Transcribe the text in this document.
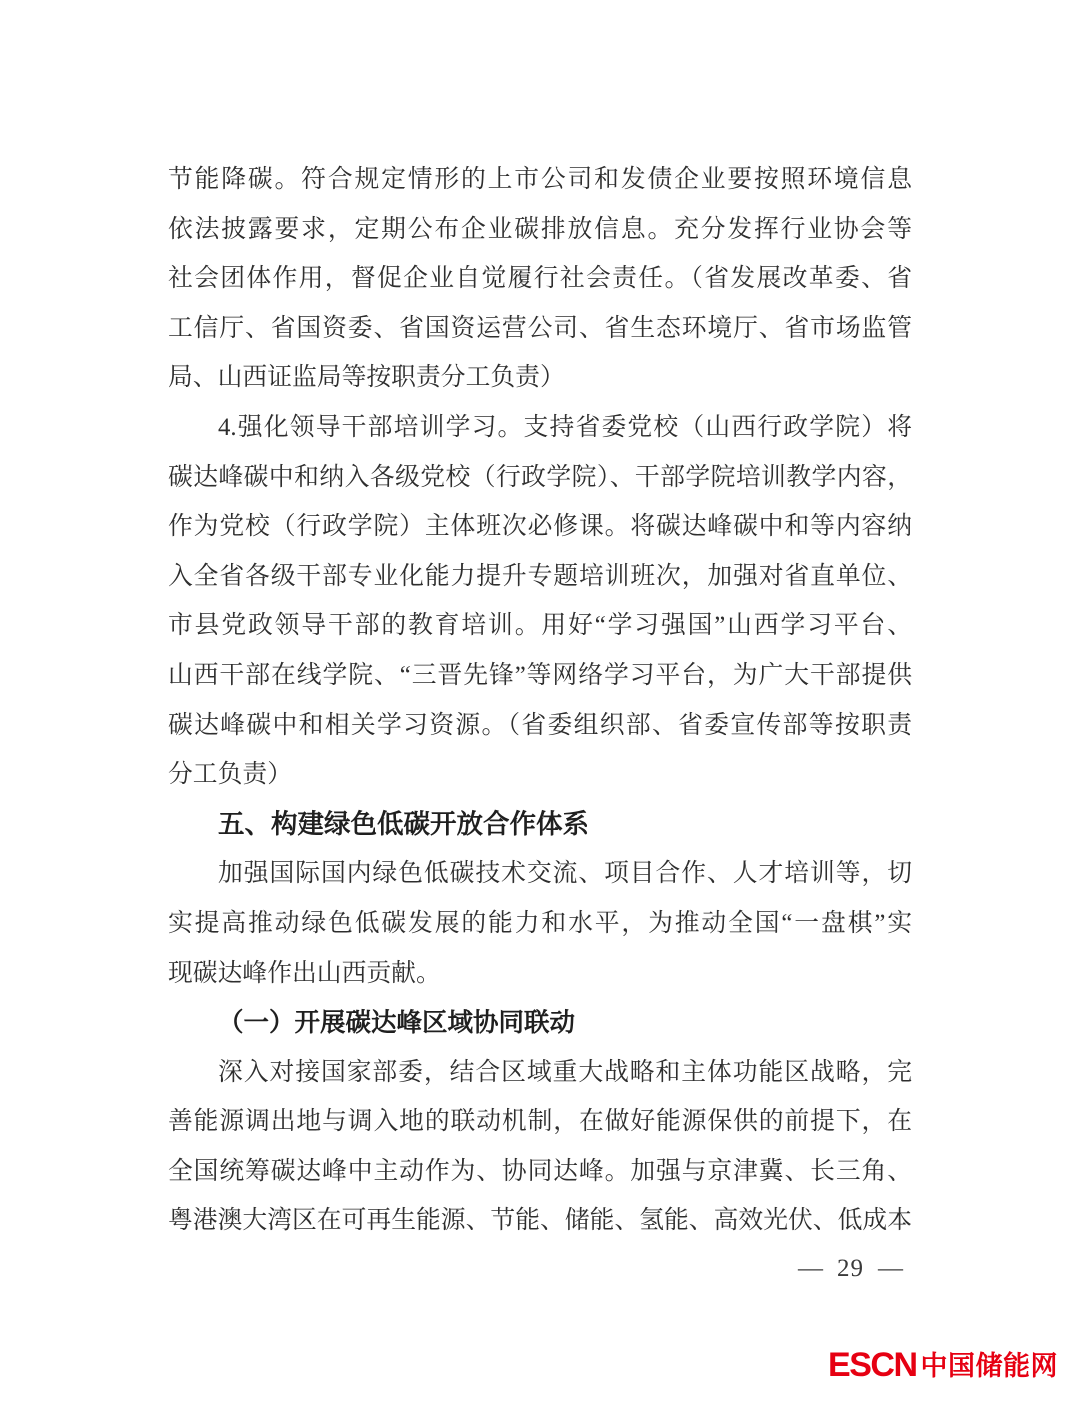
节能降碳。符合规定情形的上市公司和发债企业要按照环境信息
依法披露要求，定期公布企业碳排放信息。充分发挥行业协会等
社会团体作用，督促企业自觉履行社会责任。（省发展改革委、省
工信厅、省国资委、省国资运营公司、省生态环境厅、省市场监管
局、山西证监局等按职责分工负责）
4.强化领导干部培训学习。支持省委党校（山西行政学院）将
碳达峰碳中和纳入各级党校（行政学院）、干部学院培训教学内容，
作为党校（行政学院）主体班次必修课。将碳达峰碳中和等内容纳
入全省各级干部专业化能力提升专题培训班次，加强对省直单位、
市县党政领导干部的教育培训。用好“学习强国”山西学习平台、
山西干部在线学院、“三晋先锋”等网络学习平台，为广大干部提供
碳达峰碳中和相关学习资源。（省委组织部、省委宣传部等按职责
分工负责）
五、构建绿色低碳开放合作体系
加强国际国内绿色低碳技术交流、项目合作、人才培训等，切
实提高推动绿色低碳发展的能力和水平，为推动全国“一盘棋”实
现碳达峰作出山西贡献。
（一）开展碳达峰区域协同联动
深入对接国家部委，结合区域重大战略和主体功能区战略，完
善能源调出地与调入地的联动机制，在做好能源保供的前提下，在
全国统筹碳达峰中主动作为、协同达峰。加强与京津冀、长三角、
粤港澳大湾区在可再生能源、节能、储能、氢能、高效光伏、低成本
— 29 —
ESCN 中国储能网
